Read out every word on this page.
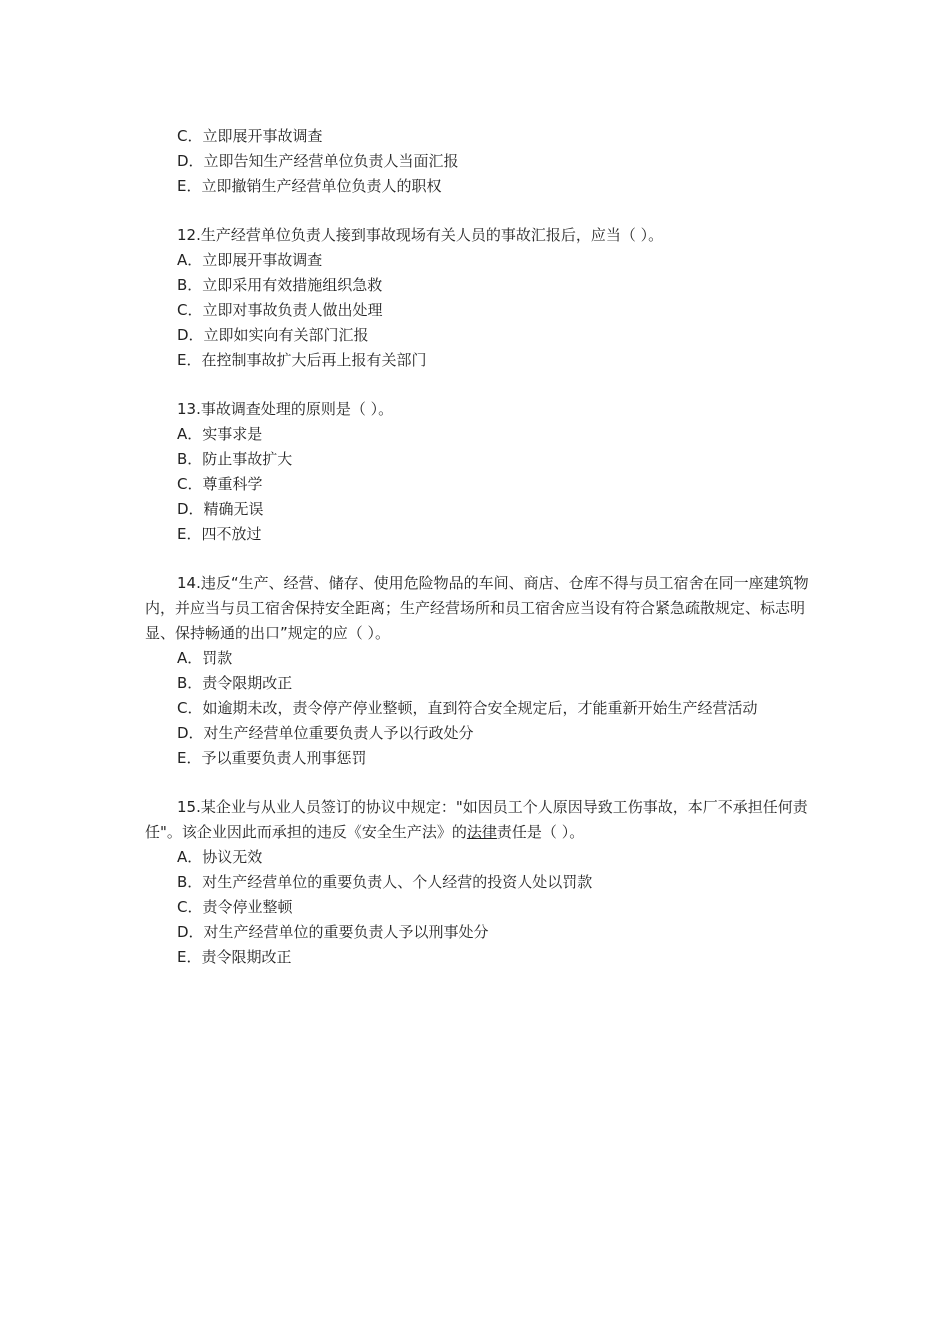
C．立即展开事故调查
D．立即告知生产经营单位负责人当面汇报
E．立即撤销生产经营单位负责人的职权
12.生产经营单位负责人接到事故现场有关人员的事故汇报后，应当（ ）。
A．立即展开事故调查
B．立即采用有效措施组织急救
C．立即对事故负责人做出处理
D．立即如实向有关部门汇报
E．在控制事故扩大后再上报有关部门
13.事故调查处理的原则是（ ）。
A．实事求是
B．防止事故扩大
C．尊重科学
D．精确无误
E．四不放过
14.违反“生产、经营、储存、使用危险物品的车间、商店、仓库不得与员工宿舍在同一座建筑物内，并应当与员工宿舍保持安全距离；生产经营场所和员工宿舍应当设有符合紧急疏散规定、标志明显、保持畅通的出口”规定的应（ ）。
A．罚款
B．责令限期改正
C．如逾期未改，责令停产停业整顿，直到符合安全规定后，才能重新开始生产经营活动
D．对生产经营单位重要负责人予以行政处分
E．予以重要负责人刑事惩罚
15.某企业与从业人员签订的协议中规定："如因员工个人原因导致工伤事故，本厂不承担任何责任"。该企业因此而承担的违反《安全生产法》的法律责任是（ ）。
A．协议无效
B．对生产经营单位的重要负责人、个人经营的投资人处以罚款
C．责令停业整顿
D．对生产经营单位的重要负责人予以刑事处分
E．责令限期改正
